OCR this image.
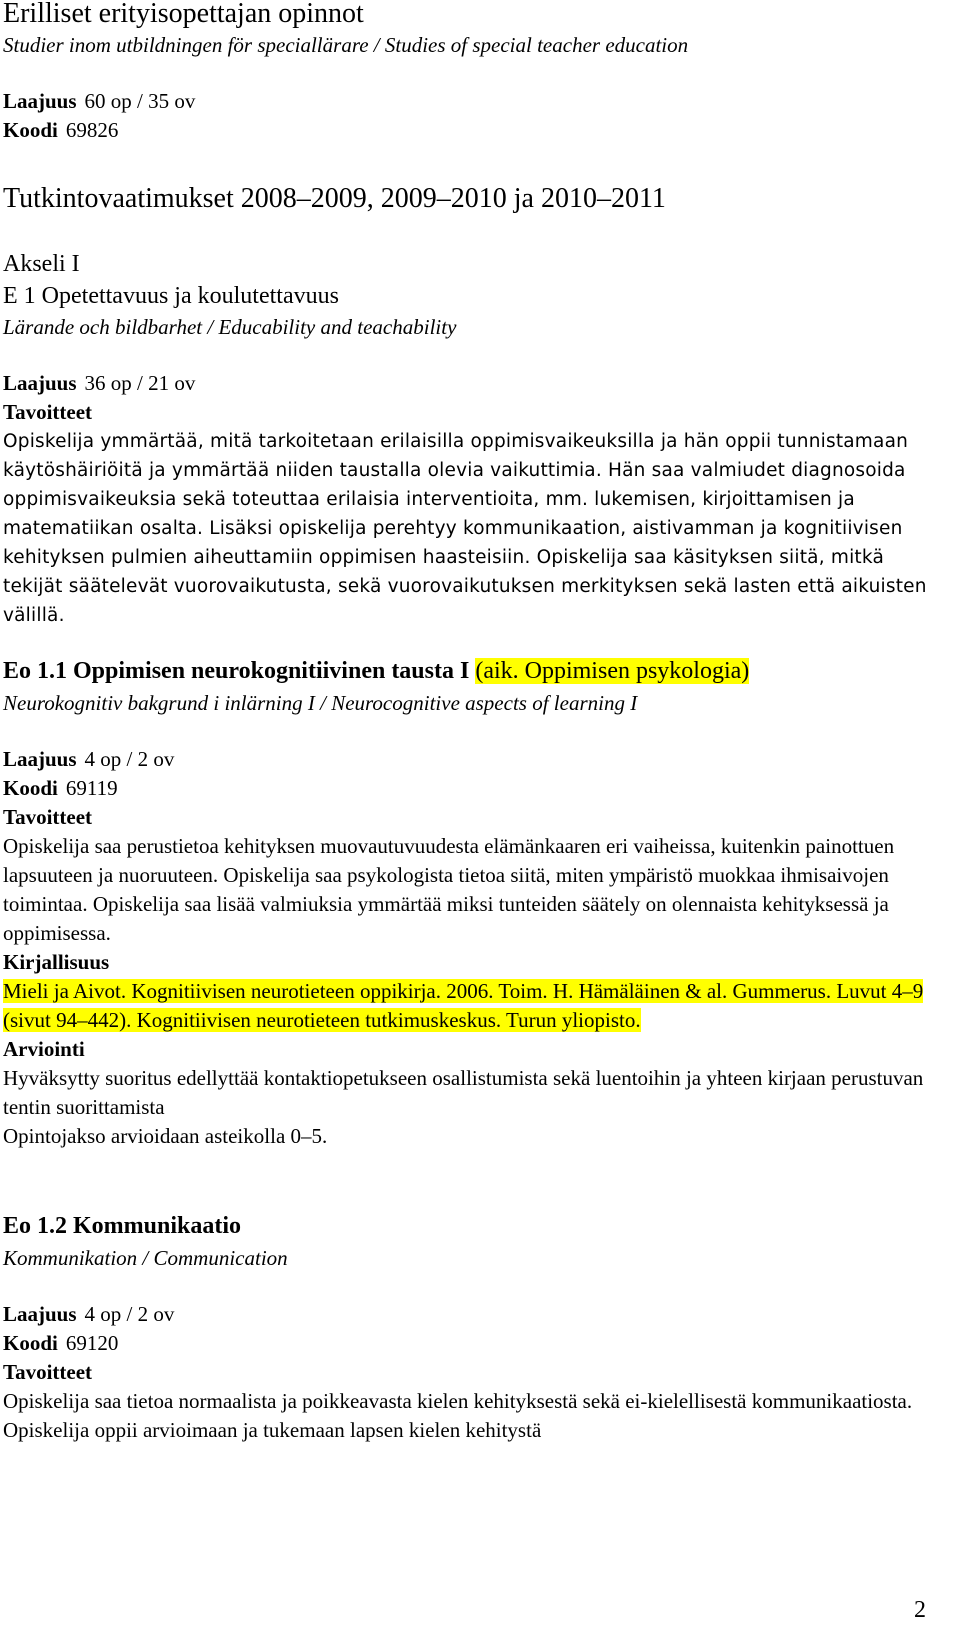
Erilliset erityisopettajan opinnot

Studier inom utbildningen för speciallärare / Studies of special teacher education

Laajuus 60 op / 35 ov

Koodi 69826

Tutkintovaatimukset 2008–2009, 2009–2010 ja 2010–2011

Akseli I

E 1 Opetettavuus ja koulutettavuus

Lärande och bildbarhet / Educability and teachability

Laajuus 36 op / 21 ov

Tavoitteet

Opiskelija ymmärtää, mitä tarkoitetaan erilaisilla oppimisvaikeuksilla ja hän oppii tunnistamaan käytöshäiriöitä ja ymmärtää niiden taustalla olevia vaikuttimia. Hän saa valmiudet diagnosoida oppimisvaikeuksia sekä toteuttaa erilaisia interventioita, mm. lukemisen, kirjoittamisen ja matematiikan osalta. Lisäksi opiskelija perehtyy kommunikaation, aistivamman ja kognitiivisen kehityksen pulmien aiheuttamiin oppimisen haasteisiin. Opiskelija saa käsityksen siitä, mitkä tekijät säätelevät vuorovaikutusta, sekä vuorovaikutuksen merkityksen sekä lasten että aikuisten välillä.

Eo 1.1 Oppimisen neurokognitiivinen tausta I (aik. Oppimisen psykologia)

Neurokognitiv bakgrund i inlärning I / Neurocognitive aspects of learning I

Laajuus 4 op / 2 ov

Koodi 69119

Tavoitteet

Opiskelija saa perustietoa kehityksen muovautuvuudesta elämänkaaren eri vaiheissa, kuitenkin painottuen lapsuuteen ja nuoruuteen. Opiskelija saa psykologista tietoa siitä, miten ympäristö muokkaa ihmisaivojen toimintaa. Opiskelija saa lisää valmiuksia ymmärtää miksi tunteiden säätely on olennaista kehityksessä ja oppimisessa.

Kirjallisuus

Mieli ja Aivot. Kognitiivisen neurotieteen oppikirja. 2006. Toim. H. Hämäläinen & al. Gummerus. Luvut 4–9 (sivut 94–442). Kognitiivisen neurotieteen tutkimuskeskus. Turun yliopisto.

Arviointi

Hyväksytty suoritus edellyttää kontaktiopetukseen osallistumista sekä luentoihin ja yhteen kirjaan perustuvan tentin suorittamista

Opintojakso arvioidaan asteikolla 0–5.

Eo 1.2 Kommunikaatio

Kommunikation / Communication

Laajuus 4 op / 2 ov

Koodi 69120

Tavoitteet

Opiskelija saa tietoa normaalista ja poikkeavasta kielen kehityksestä sekä ei-kielellisestä kommunikaatiosta. Opiskelija oppii arvioimaan ja tukemaan lapsen kielen kehitystä

2
